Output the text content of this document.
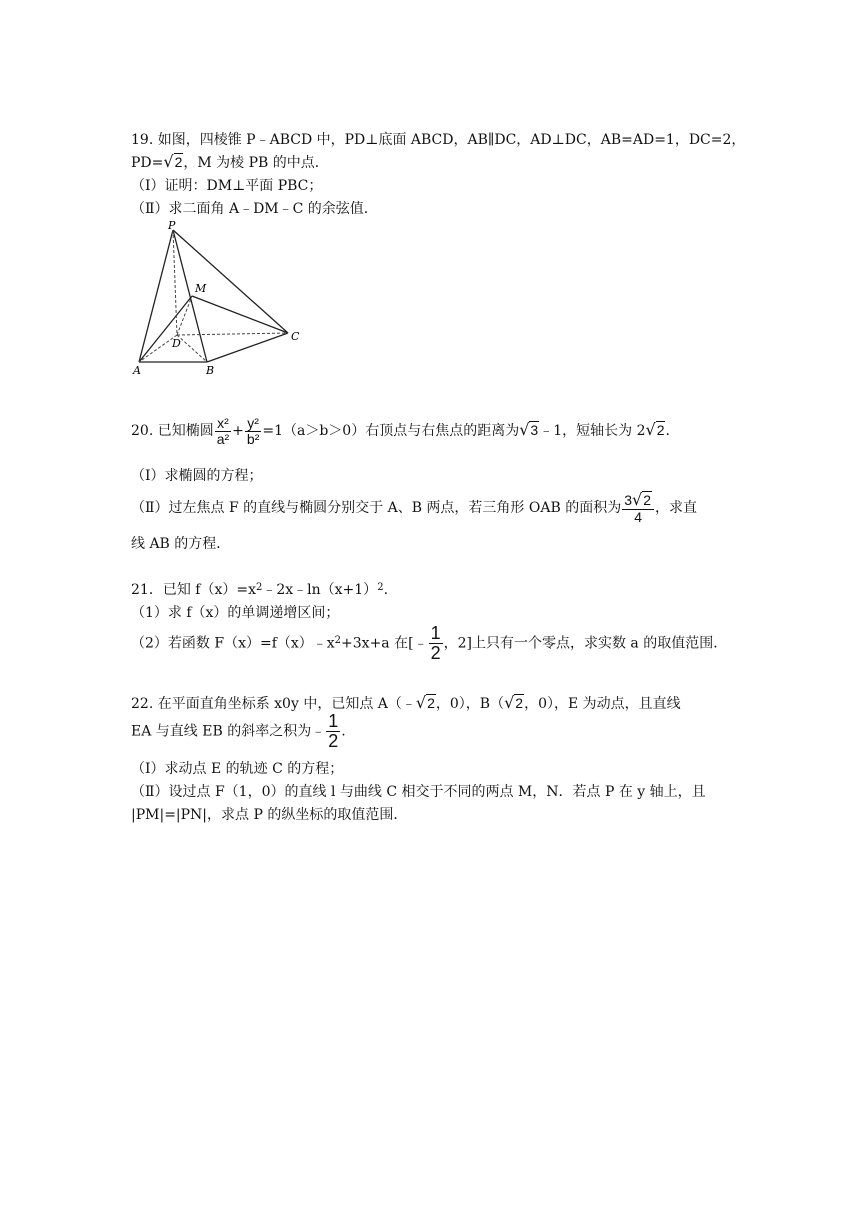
19. 如图，四棱锥 P﹣ABCD 中，PD⊥底面 ABCD，AB∥DC，AD⊥DC，AB=AD=1，DC=2，
PD=√2，M 为棱 PB 的中点．
（Ⅰ）证明：DM⊥平面 PBC；
（Ⅱ）求二面角 A﹣DM﹣C 的余弦值．
P
M
D
C
A	B
20. 已知椭圆 $\frac{\text{x²}}{\text{a²}} + \frac{\text{y²}}{\text{b²}} =1(a>b>0)$右顶点与右焦点的距离为√3﹣1，短轴长为 2√2.
（Ⅰ）求椭圆的方程；
（Ⅱ）过左焦点 F 的直线与椭圆分别交于 A、B 两点，若三角形 OAB 的面积为 $\frac{3√2}{4}$ ，求直
线 AB 的方程．
21．已知 $f(x)=x^2﹣2x﹣\ln(x+1)^2$.
（1）求 f（x）的单调递增区间；
（2）若函数 $F(x)=f(x)﹣x^2+3x+a$ 在[﹣ $\frac{1}{2}$ ，2]上只有一个零点，求实数 a 的取值范围．
22. 在平面直角坐标系 x0y 中，已知点 A（﹣√2，0），B（√2，0），E 为动点，且直线
EA 与直线 EB 的斜率之积为﹣ $\frac{1}{2}$ .
（Ⅰ）求动点 E 的轨迹 C 的方程；
（Ⅱ）设过点 F（1，0）的直线 l 与曲线 C 相交于不同的两点 M，N．若点 P 在 y 轴上，且
|PM|=|PN|，求点 P 的纵坐标的取值范围．
